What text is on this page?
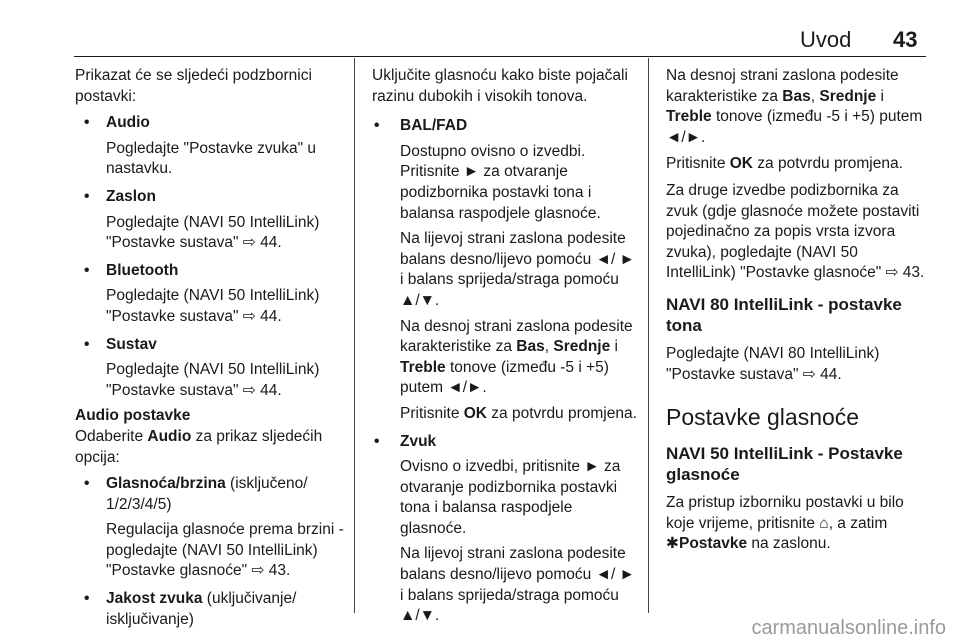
Uvod 43

Prikazat će se sljedeći podzbornici postavki:

• Audio

Pogledajte "Postavke zvuka" u nastavku.

• Zaslon

Pogledajte (NAVI 50 IntelliLink) "Postavke sustava" ⇨ 44.

• Bluetooth

Pogledajte (NAVI 50 IntelliLink) "Postavke sustava" ⇨ 44.

• Sustav

Pogledajte (NAVI 50 IntelliLink) "Postavke sustava" ⇨ 44.

Audio postavke

Odaberite Audio za prikaz sljedećih opcija:

• Glasnoća/brzina (isključeno/ 1/2/3/4/5)

Regulacija glasnoće prema brzini - pogledajte (NAVI 50 IntelliLink) "Postavke glasnoće" ⇨ 43.

• Jakost zvuka (uključivanje/ isključivanje)

Uključite glasnoću kako biste pojačali razinu dubokih i visokih tonova.

• BAL/FAD

Dostupno ovisno o izvedbi. Pritisnite ► za otvaranje podizbornika postavki tona i balansa raspodjele glasnoće.

Na lijevoj strani zaslona podesite balans desno/lijevo pomoću ◄/ ► i balans sprijeda/straga pomoću ▲/▼.

Na desnoj strani zaslona podesite karakteristike za Bas, Srednje i Treble tonove (između -5 i +5) putem ◄/►.

Pritisnite OK za potvrdu promjena.

• Zvuk

Ovisno o izvedbi, pritisnite ► za otvaranje podizbornika postavki tona i balansa raspodjele glasnoće.

Na lijevoj strani zaslona podesite balans desno/lijevo pomoću ◄/ ► i balans sprijeda/straga pomoću ▲/▼.

Na desnoj strani zaslona podesite karakteristike za Bas, Srednje i Treble tonove (između -5 i +5) putem ◄/►.

Pritisnite OK za potvrdu promjena.

Za druge izvedbe podizbornika za zvuk (gdje glasnoće možete postaviti pojedinačno za popis vrsta izvora zvuka), pogledajte (NAVI 50 IntelliLink) "Postavke glasnoće" ⇨ 43.

NAVI 80 IntelliLink - postavke tona

Pogledajte (NAVI 80 IntelliLink) "Postavke sustava" ⇨ 44.

Postavke glasnoće
NAVI 50 IntelliLink - Postavke glasnoće

Za pristup izborniku postavki u bilo koje vrijeme, pritisnite ⌂, a zatim ✱Postavke na zaslonu.

carmanualsonline.info
